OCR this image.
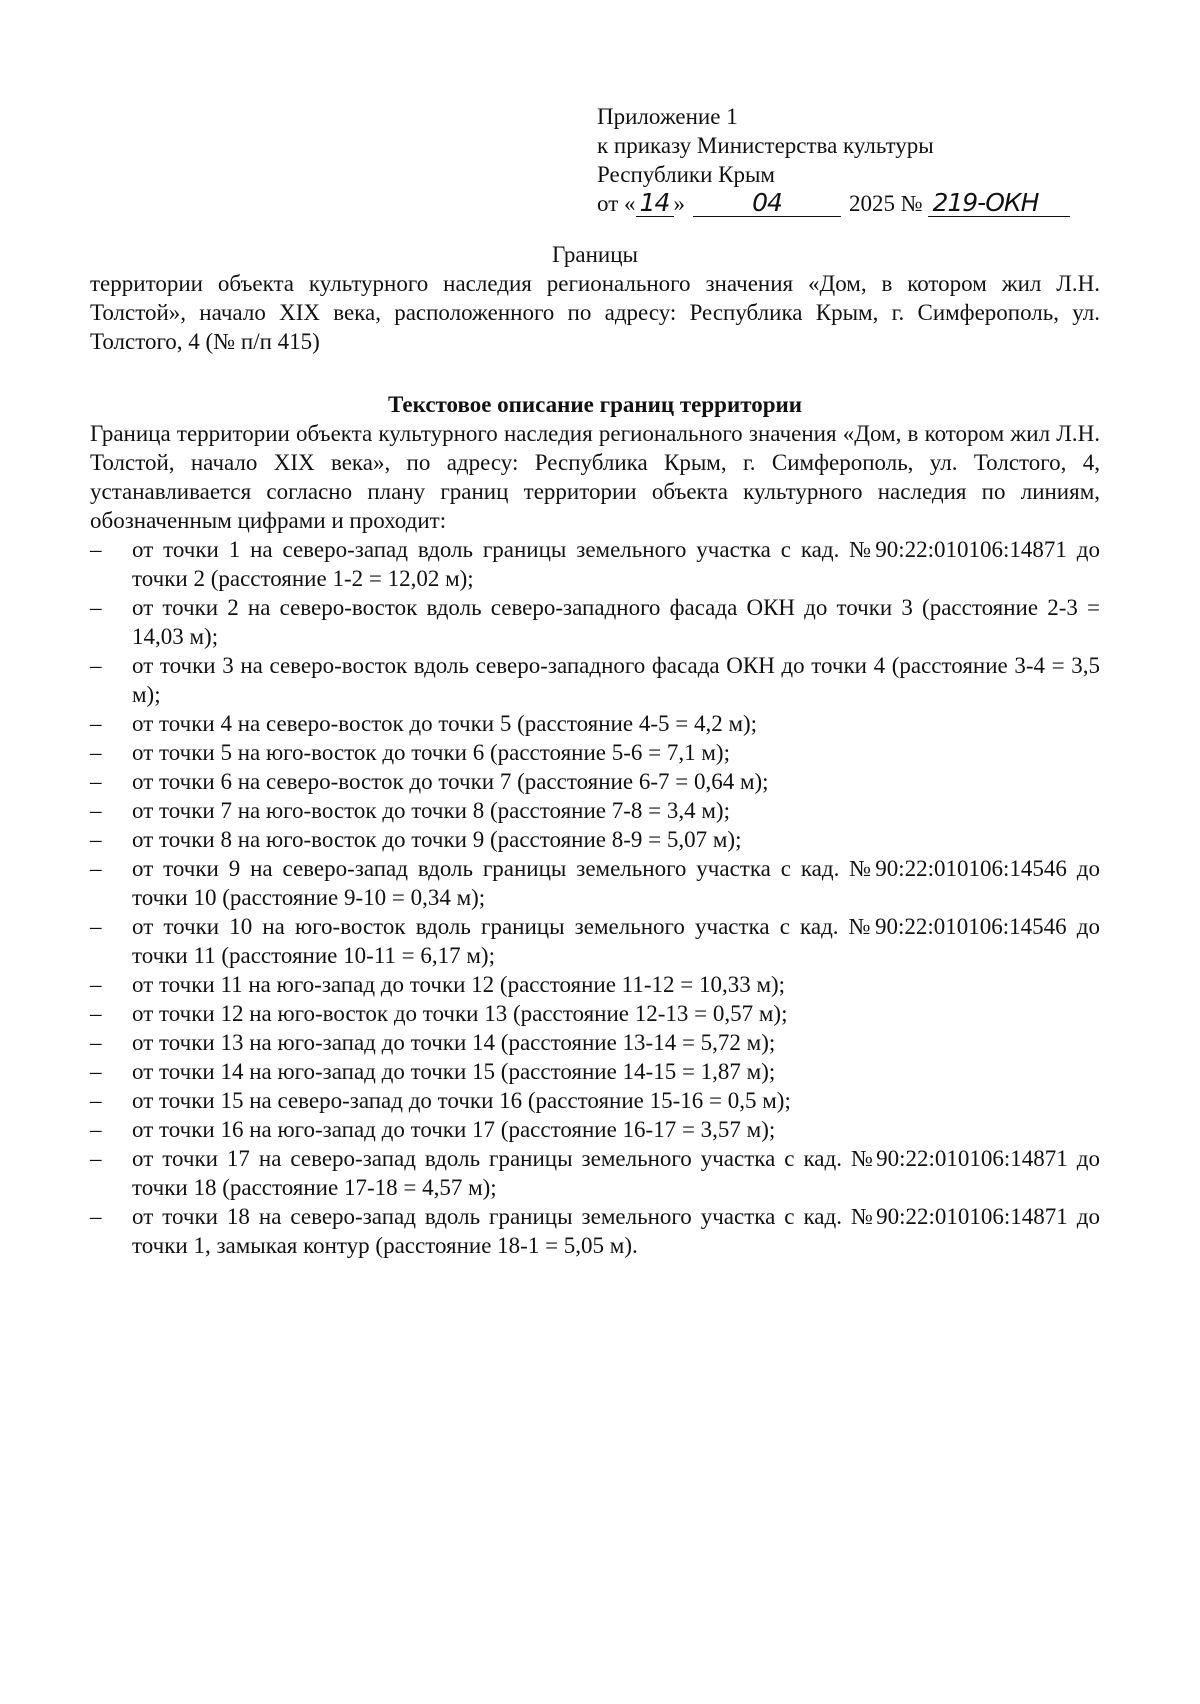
Приложение 1
к приказу Министерства культуры
Республики Крым
от « 14 »	04	2025 № 219-ОКН
Границы

территории объекта культурного наследия регионального значения «Дом, в котором жил Л.Н. Толстой», начало XIX века, расположенного по адресу: Республика Крым, г. Симферополь, ул. Толстого, 4 (№ п/п 415)

Текстовое описание границ территории

Граница территории объекта культурного наследия регионального значения «Дом, в котором жил Л.Н. Толстой, начало XIX века», по адресу: Республика Крым, г. Симферополь, ул. Толстого, 4, устанавливается согласно плану границ территории объекта культурного наследия по линиям, обозначенным цифрами и проходит:

– от точки 1 на северо-запад вдоль границы земельного участка с кад. №90:22:010106:14871 до точки 2 (расстояние 1-2 = 12,02 м);
– от точки 2 на северо-восток вдоль северо-западного фасада ОКН до точки 3 (расстояние 2-3 = 14,03 м);
– от точки 3 на северо-восток вдоль северо-западного фасада ОКН до точки 4 (расстояние 3-4 = 3,5 м);
– от точки 4 на северо-восток до точки 5 (расстояние 4-5 = 4,2 м);
– от точки 5 на юго-восток до точки 6 (расстояние 5-6 = 7,1 м);
– от точки 6 на северо-восток до точки 7 (расстояние 6-7 = 0,64 м);
– от точки 7 на юго-восток до точки 8 (расстояние 7-8 = 3,4 м);
– от точки 8 на юго-восток до точки 9 (расстояние 8-9 = 5,07 м);
– от точки 9 на северо-запад вдоль границы земельного участка с кад. №90:22:010106:14546 до точки 10 (расстояние 9-10 = 0,34 м);
– от точки 10 на юго-восток вдоль границы земельного участка с кад. №90:22:010106:14546 до точки 11 (расстояние 10-11 = 6,17 м);
– от точки 11 на юго-запад до точки 12 (расстояние 11-12 = 10,33 м);
– от точки 12 на юго-восток до точки 13 (расстояние 12-13 = 0,57 м);
– от точки 13 на юго-запад до точки 14 (расстояние 13-14 = 5,72 м);
– от точки 14 на юго-запад до точки 15 (расстояние 14-15 = 1,87 м);
– от точки 15 на северо-запад до точки 16 (расстояние 15-16 = 0,5 м);
– от точки 16 на юго-запад до точки 17 (расстояние 16-17 = 3,57 м);
– от точки 17 на северо-запад вдоль границы земельного участка с кад. №90:22:010106:14871 до точки 18 (расстояние 17-18 = 4,57 м);
– от точки 18 на северо-запад вдоль границы земельного участка с кад. №90:22:010106:14871 до точки 1, замыкая контур (расстояние 18-1 = 5,05 м).
